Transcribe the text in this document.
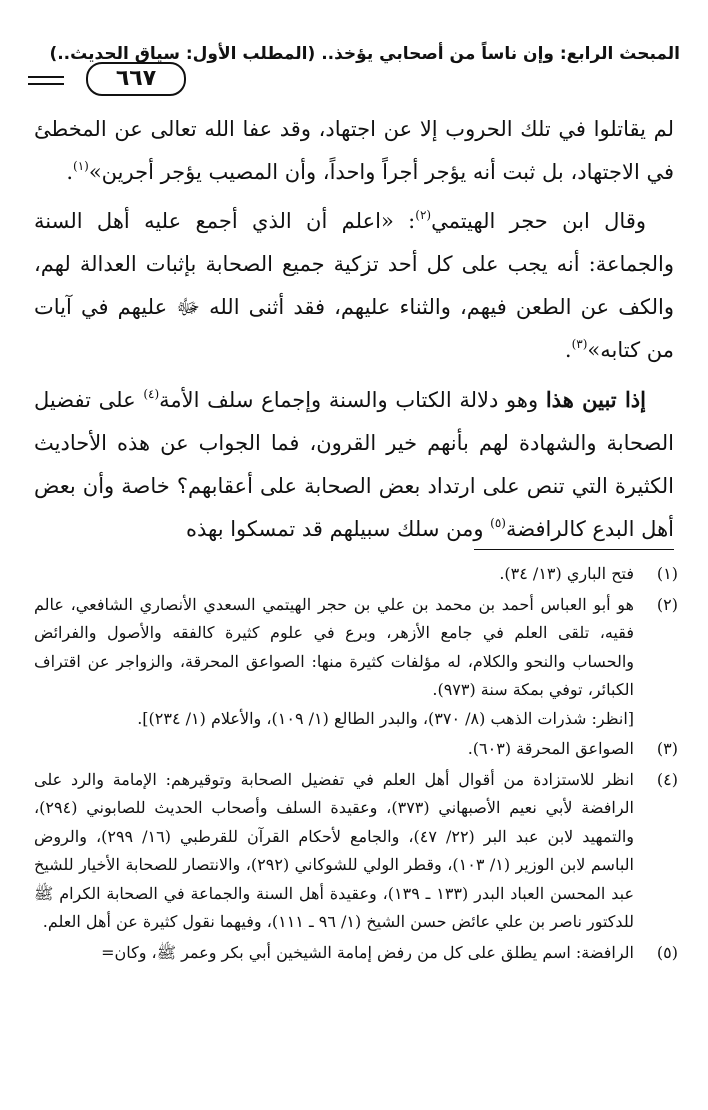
المبحث الرابع: وإن ناساً من أصحابي يؤخذ.. (المطلب الأول: سياق الحديث..)
٦٦٧

لم يقاتلوا في تلك الحروب إلا عن اجتهاد، وقد عفا الله تعالى عن المخطئ في الاجتهاد، بل ثبت أنه يؤجر أجراً واحداً، وأن المصيب يؤجر أجرين»$^{(١)}$.

وقال ابن حجر الهيتمي$^{(٢)}$: «اعلم أن الذي أجمع عليه أهل السنة والجماعة: أنه يجب على كل أحد تزكية جميع الصحابة بإثبات العدالة لهم، والكف عن الطعن فيهم، والثناء عليهم، فقد أثنى الله ﷻ عليهم في آيات من كتابه»$^{(٣)}$.

إذا تبين هذا وهو دلالة الكتاب والسنة وإجماع سلف الأمة$^{(٤)}$ على تفضيل الصحابة والشهادة لهم بأنهم خير القرون، فما الجواب عن هذه الأحاديث الكثيرة التي تنص على ارتداد بعض الصحابة على أعقابهم؟ خاصة وأن بعض أهل البدع كالرافضة$^{(٥)}$ ومن سلك سبيلهم قد تمسكوا بهذه

(١)
فتح الباري (١٣/ ٣٤).
(٢)
هو أبو العباس أحمد بن محمد بن علي بن حجر الهيتمي السعدي الأنصاري الشافعي، عالم فقيه، تلقى العلم في جامع الأزهر، وبرع في علوم كثيرة كالفقه والأصول والفرائض والحساب والنحو والكلام، له مؤلفات كثيرة منها: الصواعق المحرقة، والزواجر عن اقتراف الكبائر، توفي بمكة سنة (٩٧٣).
[انظر: شذرات الذهب (٨/ ٣٧٠)، والبدر الطالع (١/ ١٠٩)، والأعلام (١/ ٢٣٤)].
(٣)
الصواعق المحرقة (٦٠٣).
(٤)
انظر للاستزادة من أقوال أهل العلم في تفضيل الصحابة وتوقيرهم: الإمامة والرد على الرافضة لأبي نعيم الأصبهاني (٣٧٣)، وعقيدة السلف وأصحاب الحديث للصابوني (٢٩٤)، والتمهيد لابن عبد البر (٢٢/ ٤٧)، والجامع لأحكام القرآن للقرطبي (١٦/ ٢٩٩)، والروض الباسم لابن الوزير (١/ ١٠٣)، وقطر الولي للشوكاني (٢٩٢)، والانتصار للصحابة الأخيار للشيخ عبد المحسن العباد البدر (١٣٣ ـ ١٣٩)، وعقيدة أهل السنة والجماعة في الصحابة الكرام ﷺ للدكتور ناصر بن علي عائض حسن الشيخ (١/ ٩٦ ـ ١١١)، وفيهما نقول كثيرة عن أهل العلم.
(٥)
الرافضة: اسم يطلق على كل من رفض إمامة الشيخين أبي بكر وعمر ﷺ، وكان=
